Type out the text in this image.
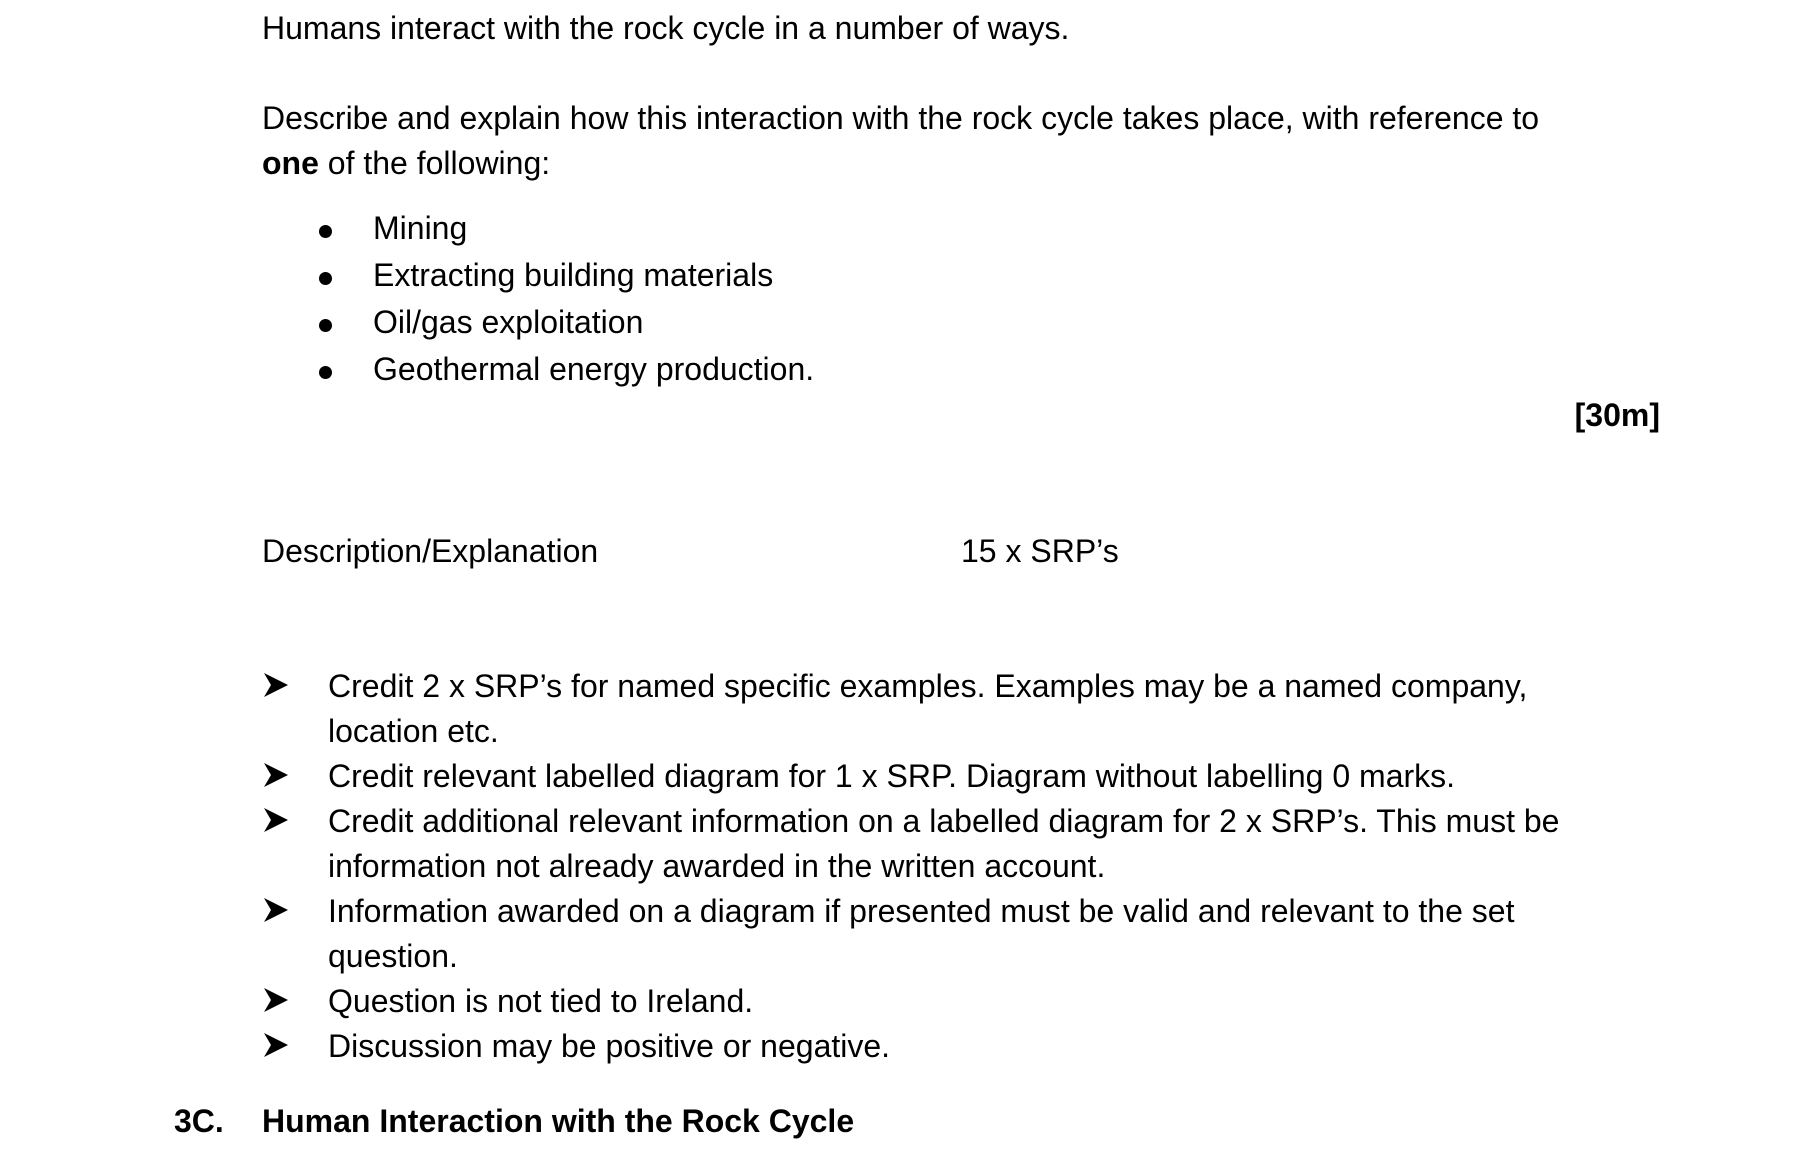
Humans interact with the rock cycle in a number of ways.

Describe and explain how this interaction with the rock cycle takes place, with reference to

one of the following:

Mining
Extracting building materials
Oil/gas exploitation
Geothermal energy production.

[30m]

Description/Explanation	15 x SRP’s

Credit 2 x SRP’s for named specific examples. Examples may be a named company,

location etc.

Credit relevant labelled diagram for 1 x SRP. Diagram without labelling 0 marks.

Credit additional relevant information on a labelled diagram for 2 x SRP’s. This must be

information not already awarded in the written account.

Information awarded on a diagram if presented must be valid and relevant to the set

question.

Question is not tied to Ireland.

Discussion may be positive or negative.

3C. Human Interaction with the Rock Cycle
